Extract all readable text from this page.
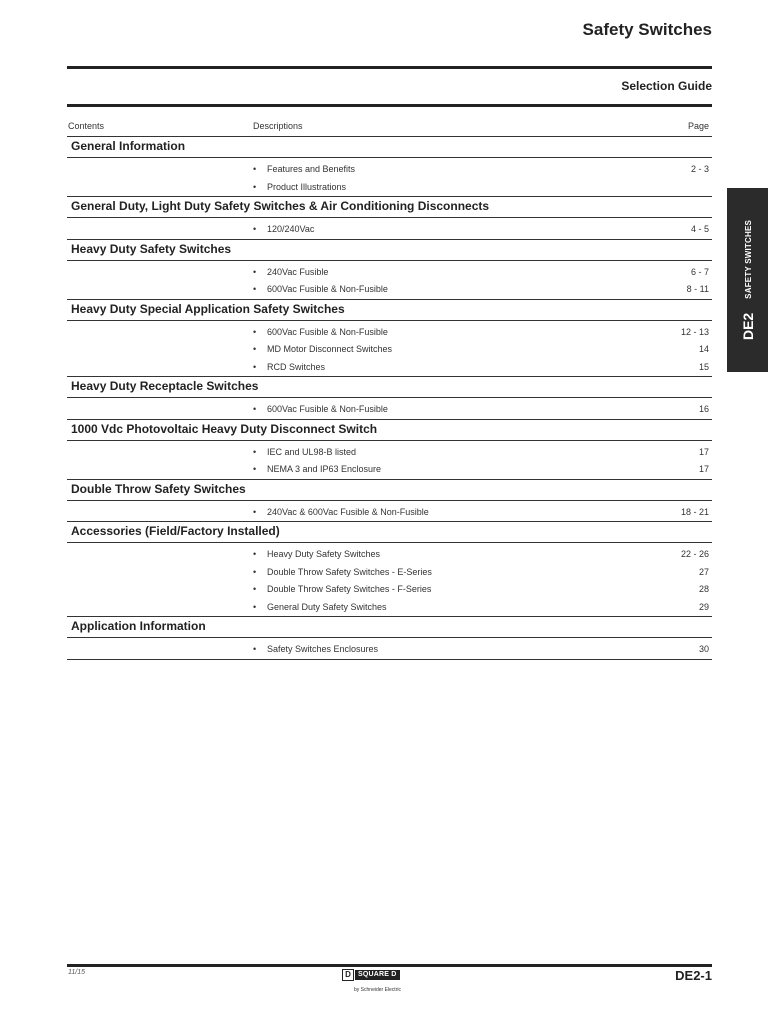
Safety Switches
Selection Guide
Contents	Descriptions	Page
General Information
• Features and Benefits	2 - 3
• Product Illustrations
General Duty, Light Duty Safety Switches & Air Conditioning Disconnects
• 120/240Vac	4 - 5
Heavy Duty Safety Switches
• 240Vac Fusible	6 - 7
• 600Vac Fusible & Non-Fusible	8 - 11
Heavy Duty Special Application Safety Switches
• 600Vac Fusible & Non-Fusible	12 - 13
• MD Motor Disconnect Switches	14
• RCD Switches	15
Heavy Duty Receptacle Switches
• 600Vac Fusible & Non-Fusible	16
1000 Vdc Photovoltaic Heavy Duty Disconnect Switch
• IEC and UL98-B listed	17
• NEMA 3 and IP63 Enclosure	17
Double Throw Safety Switches
• 240Vac & 600Vac Fusible & Non-Fusible	18 - 21
Accessories (Field/Factory Installed)
• Heavy Duty Safety Switches	22 - 26
• Double Throw Safety Switches - E-Series	27
• Double Throw Safety Switches - F-Series	28
• General Duty Safety Switches	29
Application Information
• Safety Switches Enclosures	30
DE2
SAFETY SWITCHES
11/15	D	SQUARE D
by Schneider Electric
DE2-1
